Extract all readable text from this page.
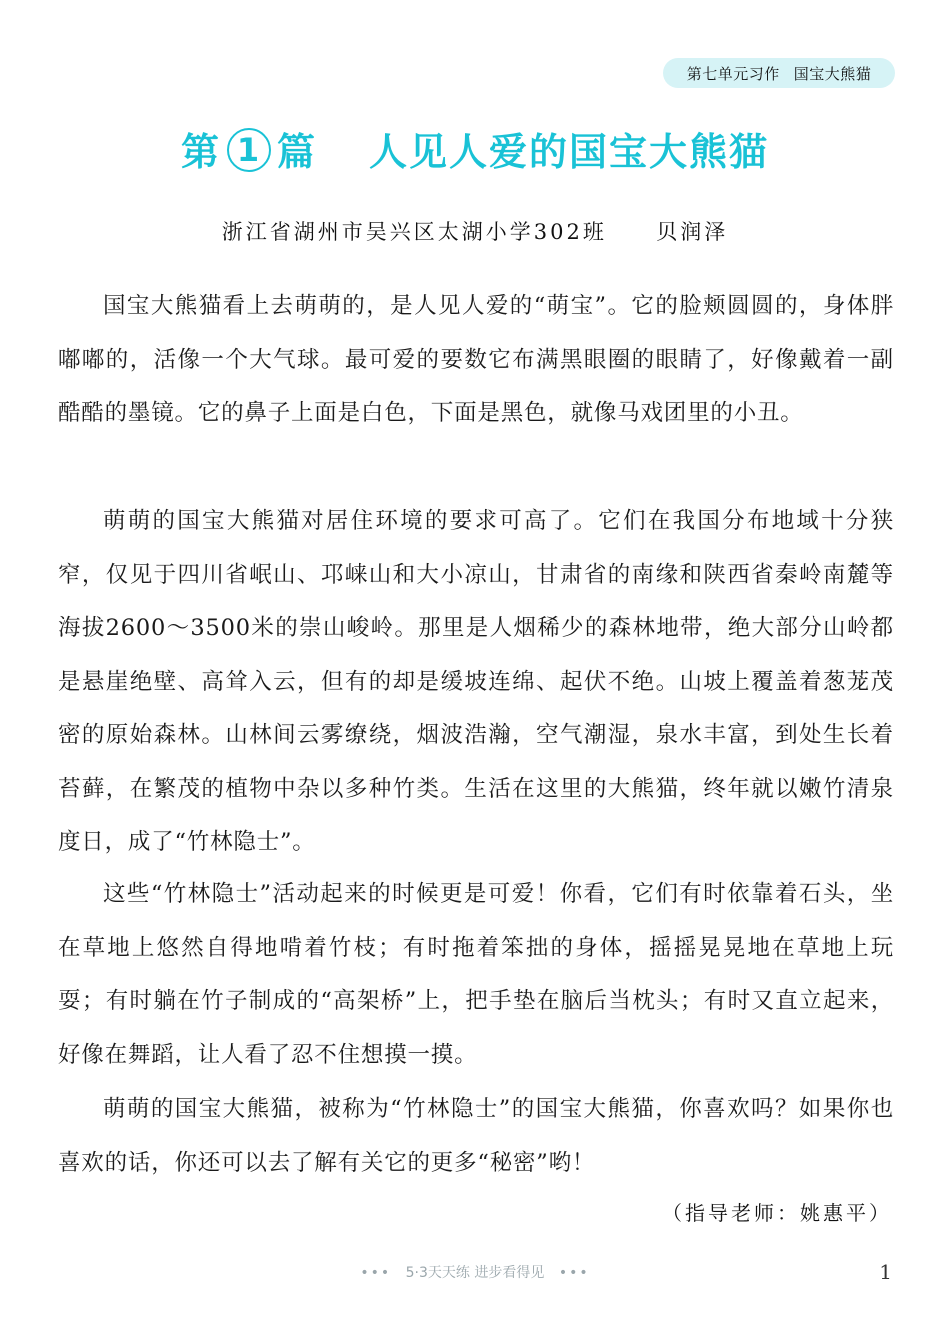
第七单元习作 国宝大熊猫
第 1 篇 人见人爱的国宝大熊猫
浙江省湖州市吴兴区太湖小学302班 贝润泽

国宝大熊猫看上去萌萌的，是人见人爱的“萌宝”。它的脸颊圆圆的，身体胖嘟嘟的，活像一个大气球。最可爱的要数它布满黑眼圈的眼睛了，好像戴着一副酷酷的墨镜。它的鼻子上面是白色，下面是黑色，就像马戏团里的小丑。

萌萌的国宝大熊猫对居住环境的要求可高了。它们在我国分布地域十分狭窄，仅见于四川省岷山、邛崃山和大小凉山，甘肃省的南缘和陕西省秦岭南麓等海拔2600～3500米的崇山峻岭。那里是人烟稀少的森林地带，绝大部分山岭都是悬崖绝壁、高耸入云，但有的却是缓坡连绵、起伏不绝。山坡上覆盖着葱茏茂密的原始森林。山林间云雾缭绕，烟波浩瀚，空气潮湿，泉水丰富，到处生长着苔藓，在繁茂的植物中杂以多种竹类。生活在这里的大熊猫，终年就以嫩竹清泉度日，成了“竹林隐士”。

这些“竹林隐士”活动起来的时候更是可爱！你看，它们有时依靠着石头，坐在草地上悠然自得地啃着竹枝；有时拖着笨拙的身体，摇摇晃晃地在草地上玩耍；有时躺在竹子制成的“高架桥”上，把手垫在脑后当枕头；有时又直立起来，好像在舞蹈，让人看了忍不住想摸一摸。

萌萌的国宝大熊猫，被称为“竹林隐士”的国宝大熊猫，你喜欢吗？如果你也喜欢的话，你还可以去了解有关它的更多“秘密”哟！

（指导老师：姚惠平）
••• 5·3天天练 进步看得见 •••	1
